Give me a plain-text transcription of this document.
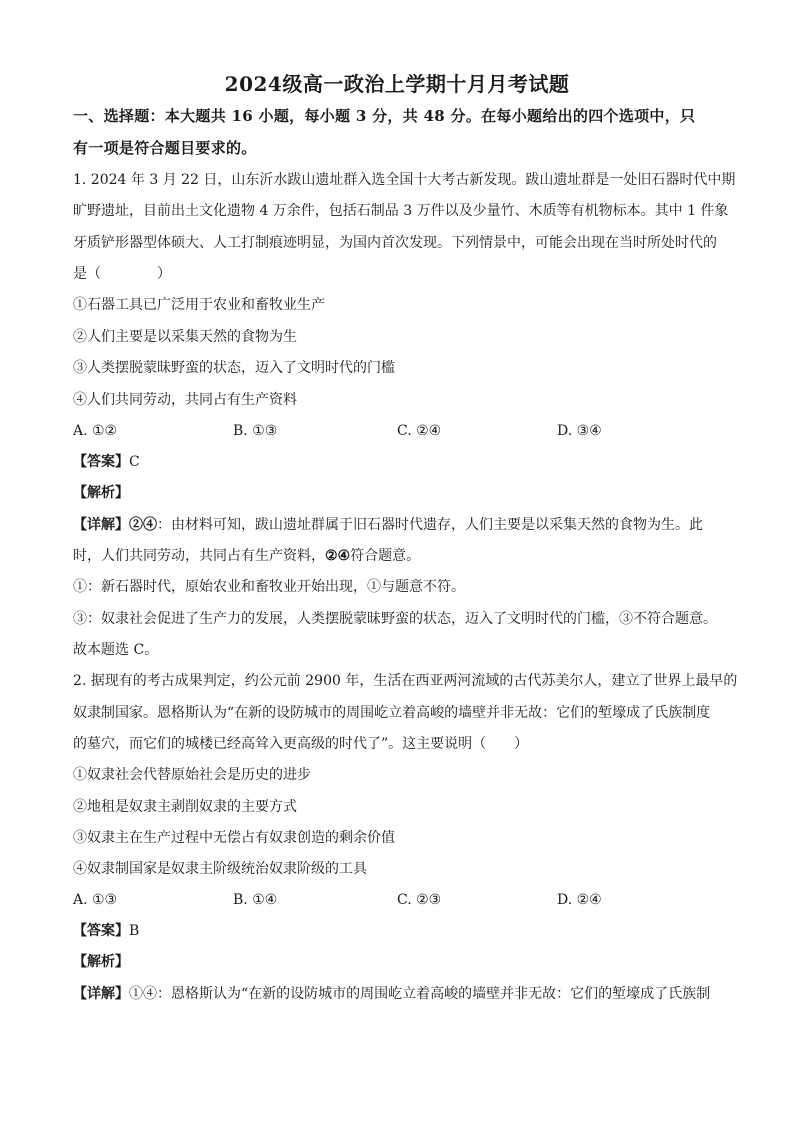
2024级高一政治上学期十月月考试题
一、选择题：本大题共 16 小题，每小题 3 分，共 48 分。在每小题给出的四个选项中，只
有一项是符合题目要求的。
1. 2024 年 3 月 22 日，山东沂水跋山遗址群入选全国十大考古新发现。跋山遗址群是一处旧石器时代中期
旷野遗址，目前出土文化遗物 4 万余件，包括石制品 3 万件以及少量竹、木质等有机物标本。其中 1 件象
牙质铲形器型体硕大、人工打制痕迹明显，为国内首次发现。下列情景中，可能会出现在当时所处时代的
是（　　　　）
①石器工具已广泛用于农业和畜牧业生产
②人们主要是以采集天然的食物为生
③人类摆脱蒙昧野蛮的状态，迈入了文明时代的门槛
④人们共同劳动，共同占有生产资料
A. ①②	B. ①③	C. ②④	D. ③④
【答案】C
【解析】
【详解】②④：由材料可知，跋山遗址群属于旧石器时代遗存，人们主要是以采集天然的食物为生。此
时，人们共同劳动，共同占有生产资料，②④符合题意。
①：新石器时代，原始农业和畜牧业开始出现，①与题意不符。
③：奴隶社会促进了生产力的发展，人类摆脱蒙昧野蛮的状态，迈入了文明时代的门槛，③不符合题意。
故本题选 C。
2. 据现有的考古成果判定，约公元前 2900 年，生活在西亚两河流域的古代苏美尔人，建立了世界上最早的
奴隶制国家。恩格斯认为“在新的设防城市的周围屹立着高峻的墙壁并非无故：它们的堑壕成了氏族制度
的墓穴，而它们的城楼已经高耸入更高级的时代了”。这主要说明（　　）
①奴隶社会代替原始社会是历史的进步
②地租是奴隶主剥削奴隶的主要方式
③奴隶主在生产过程中无偿占有奴隶创造的剩余价值
④奴隶制国家是奴隶主阶级统治奴隶阶级的工具
A. ①③	B. ①④	C. ②③	D. ②④
【答案】B
【解析】
【详解】①④：恩格斯认为“在新的设防城市的周围屹立着高峻的墙壁并非无故：它们的堑壕成了氏族制
